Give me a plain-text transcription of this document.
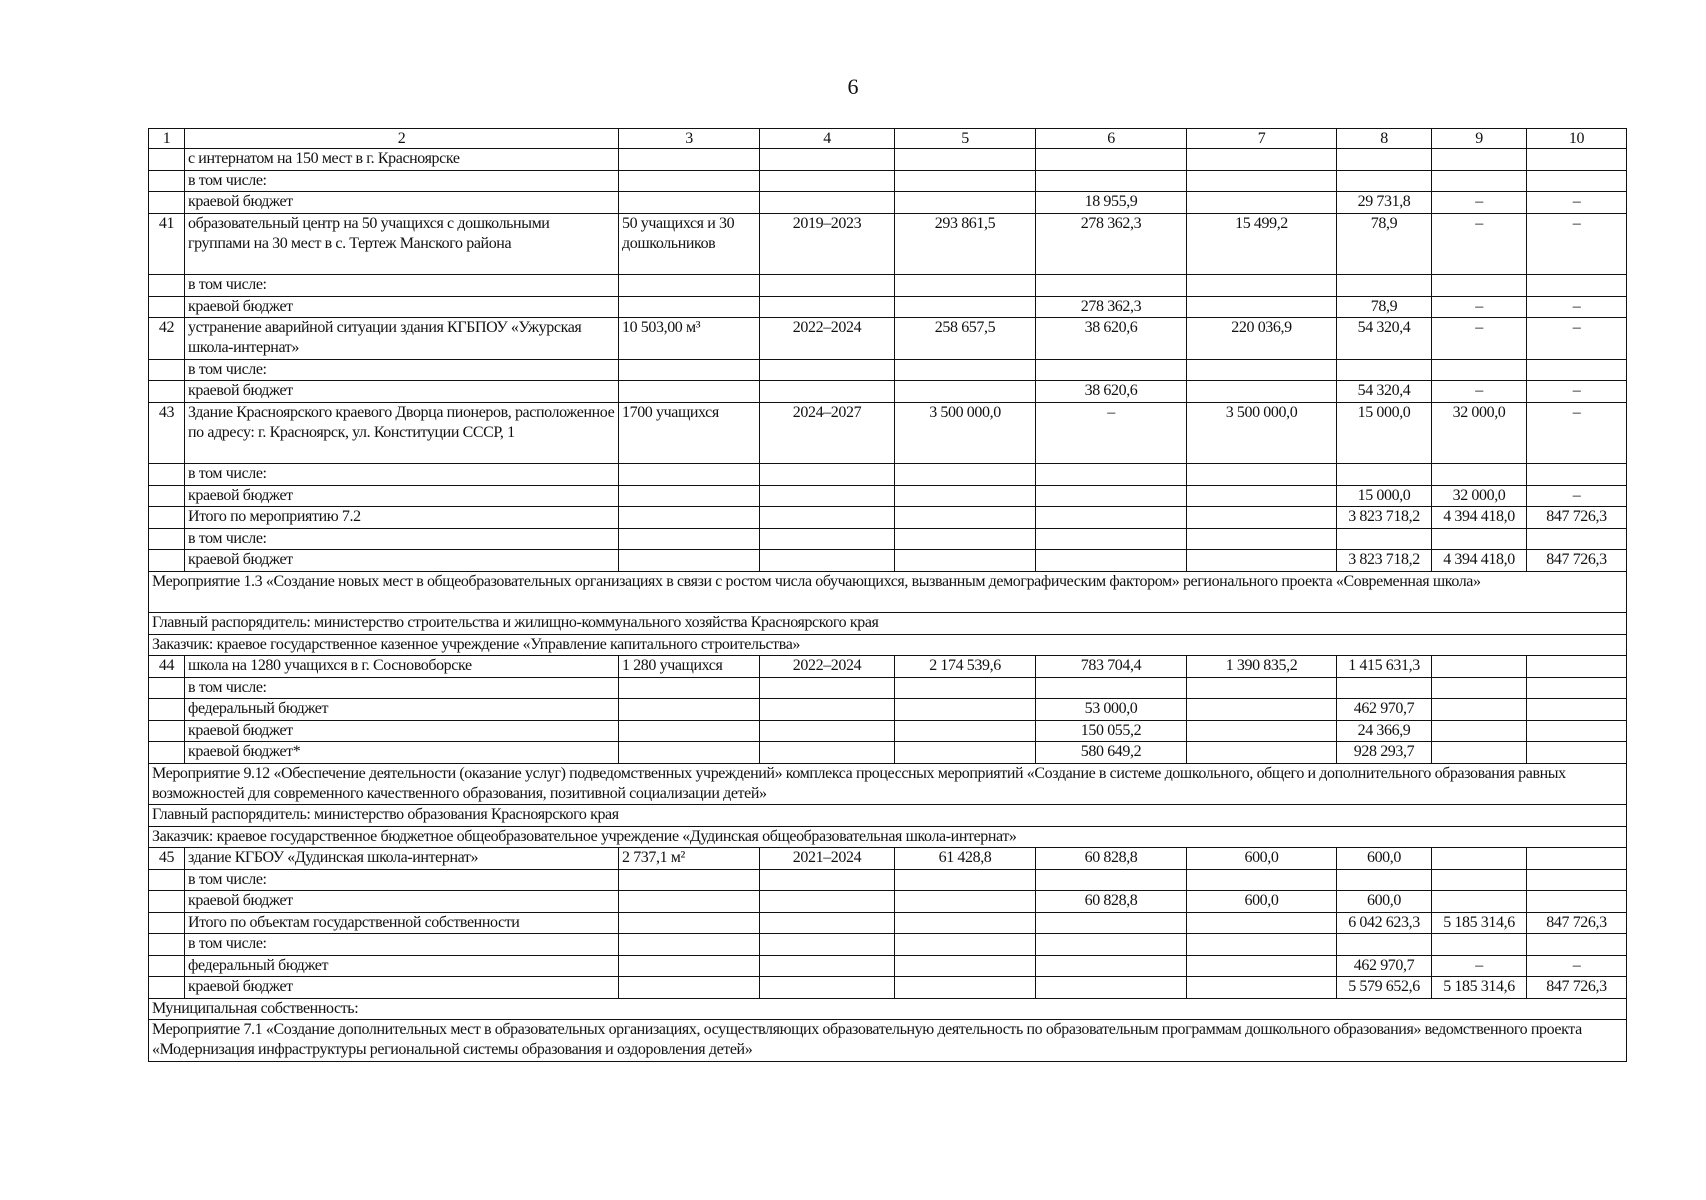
6
1	2	3	4	5	6	7	8	9	10
	с интернатом на 150 мест в г. Красноярске								
	в том числе:								
	краевой бюджет				18 955,9		29 731,8	–	–
41	образовательный центр на 50 учащихся с дошкольными группами на 30 мест в с. Тертеж Манского района	50 учащихся и 30 дошкольников	2019–2023	293 861,5	278 362,3	15 499,2	78,9	–	–
	в том числе:								
	краевой бюджет				278 362,3		78,9	–	–
42	устранение аварийной ситуации здания КГБПОУ «Ужурская школа-интернат»	10 503,00 м³	2022–2024	258 657,5	38 620,6	220 036,9	54 320,4	–	–
	в том числе:								
	краевой бюджет				38 620,6		54 320,4	–	–
43	Здание Красноярского краевого Дворца пионеров, расположенное по адресу: г. Красноярск, ул. Конституции СССР, 1	1700 учащихся	2024–2027	3 500 000,0	–	3 500 000,0	15 000,0	32 000,0	–
	в том числе:								
	краевой бюджет						15 000,0	32 000,0	–
	Итого по мероприятию 7.2						3 823 718,2	4 394 418,0	847 726,3
	в том числе:								
	краевой бюджет						3 823 718,2	4 394 418,0	847 726,3
Мероприятие 1.3 «Создание новых мест в общеобразовательных организациях в связи с ростом числа обучающихся, вызванным демографическим фактором» регионального проекта «Современная школа»									
Главный распорядитель: министерство строительства и жилищно-коммунального хозяйства Красноярского края									
Заказчик: краевое государственное казенное учреждение «Управление капитального строительства»									
44	школа на 1280 учащихся в г. Сосновоборске	1 280 учащихся	2022–2024	2 174 539,6	783 704,4	1 390 835,2	1 415 631,3		
	в том числе:								
	федеральный бюджет				53 000,0		462 970,7		
	краевой бюджет				150 055,2		24 366,9		
	краевой бюджет*				580 649,2		928 293,7		
Мероприятие 9.12 «Обеспечение деятельности (оказание услуг) подведомственных учреждений» комплекса процессных мероприятий «Создание в системе дошкольного, общего и дополнительного образования равных возможностей для современного качественного образования, позитивной социализации детей»									
Главный распорядитель: министерство образования Красноярского края									
Заказчик: краевое государственное бюджетное общеобразовательное учреждение «Дудинская общеобразовательная школа-интернат»									
45	здание КГБОУ «Дудинская школа-интернат»	2 737,1 м²	2021–2024	61 428,8	60 828,8	600,0	600,0		
	в том числе:								
	краевой бюджет				60 828,8	600,0	600,0		
	Итого по объектам государственной собственности						6 042 623,3	5 185 314,6	847 726,3
	в том числе:								
	федеральный бюджет						462 970,7	–	–
	краевой бюджет						5 579 652,6	5 185 314,6	847 726,3
Муниципальная собственность:									
Мероприятие 7.1 «Создание дополнительных мест в образовательных организациях, осуществляющих образовательную деятельность по образовательным программам дошкольного образования» ведомственного проекта «Модернизация инфраструктуры региональной системы образования и оздоровления детей»									
